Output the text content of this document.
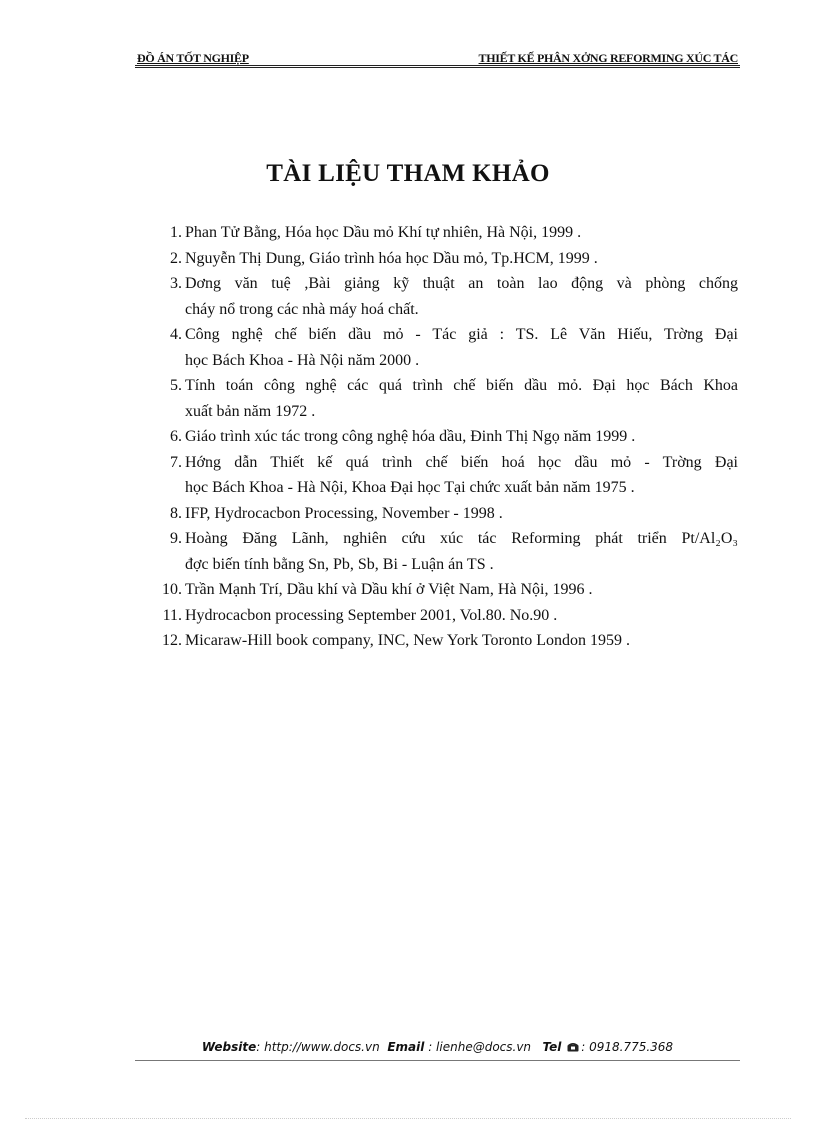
ĐỒ ÁN TỐT NGHIỆP	THIẾT KẾ PHÂN XỞNG REFORMING XÚC TÁC
TÀI LIỆU THAM KHẢO
1. Phan Tử Bằng, Hóa học Dầu mỏ Khí tự nhiên, Hà Nội, 1999 .
2. Nguyễn Thị Dung, Giáo trình hóa học Dầu mỏ, Tp.HCM, 1999 .
3. Dơng văn tuệ ,Bài giảng kỹ thuật an toàn lao động và phòng chống
cháy nổ trong các nhà máy hoá chất.
4. Công nghệ chế biến dầu mỏ - Tác giả : TS. Lê Văn Hiếu, Trờng Đại
học Bách Khoa - Hà Nội năm 2000 .
5. Tính toán công nghệ các quá trình chế biến dầu mỏ. Đại học Bách Khoa
xuất bản năm 1972 .
6. Giáo trình xúc tác trong công nghệ hóa dầu, Đinh Thị Ngọ năm 1999 .
7. Hớng dẫn Thiết kế quá trình chế biến hoá học dầu mỏ - Trờng Đại
học Bách Khoa - Hà Nội, Khoa Đại học Tại chức xuất bản năm 1975 .
8. IFP, Hydrocacbon Processing, November - 1998 .
9. Hoàng Đăng Lãnh, nghiên cứu xúc tác Reforming phát triển Pt/Al₂O₃
đợc biến tính bằng Sn, Pb, Sb, Bi - Luận án TS .
10. Trần Mạnh Trí, Dầu khí và Dầu khí ở Việt Nam, Hà Nội, 1996 .
11. Hydrocacbon processing September 2001, Vol.80. No.90 .
12. Micaraw-Hill book company, INC, New York Toronto London 1959 .
Website: http://www.docs.vn Email : lienhe@docs.vn Tel : 0918.775.368
